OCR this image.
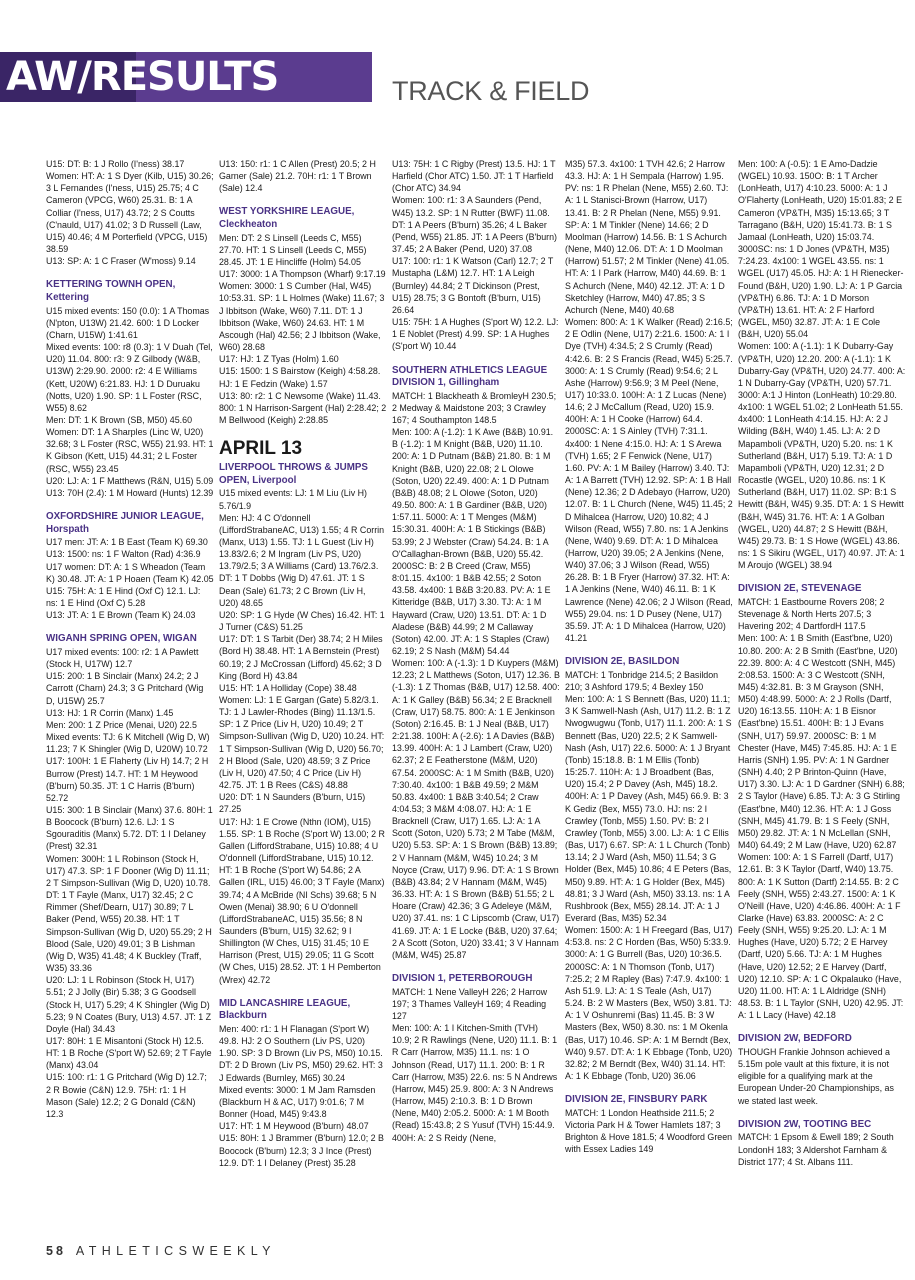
AW/RESULTS	TRACK & FIELD
U15: DT: B: 1 J Rollo (I'ness) 38.17
Women: HT: A: 1 S Dyer (Kilb, U15) 30.26; 3 L Fernandes (I'ness, U15) 25.75; 4 C Cameron (VPCG, W60) 25.31. B: 1 A Colliar (I'ness, U17) 43.72; 2 S Coutts (C'nauld, U17) 41.02; 3 D Russell (Law, U15) 40.46; 4 M Porterfield (VPCG, U15) 38.59
U13: SP: A: 1 C Fraser (W'moss) 9.14
KETTERING TOWNH OPEN,
Kettering
U15 mixed events: 150 (0.0): 1 A Thomas (N'pton, U13W) 21.42. 600: 1 D Locker (Charn, U15W) 1:41.61
Mixed events: 100: r8 (0.3): 1 V Duah (Tel, U20) 11.04. 800: r3: 9 Z Gilbody (W&B, U13W) 2:29.90. 2000: r2: 4 E Williams (Kett, U20W) 6:21.83. HJ: 1 D Duruaku (Notts, U20) 1.90. SP: 1 L Foster (RSC, W55) 8.62
Men: DT: 1 K Brown (SB, M50) 45.60
Women: DT: 1 A Sharples (Linc W, U20) 32.68; 3 L Foster (RSC, W55) 21.93. HT: 1 K Gibson (Kett, U15) 44.31; 2 L Foster (RSC, W55) 23.45
U20: LJ: A: 1 F Matthews (R&N, U15) 5.09
U13: 70H (2.4): 1 M Howard (Hunts) 12.39
OXFORDSHIRE JUNIOR LEAGUE,
Horspath
U17 men: JT: A: 1 B East (Team K) 69.30
U13: 1500: ns: 1 F Walton (Rad) 4:36.9
U17 women: DT: A: 1 S Wheadon (Team K) 30.48. JT: A: 1 P Hoaen (Team K) 42.05
U15: 75H: A: 1 E Hind (Oxf C) 12.1. LJ: ns: 1 E Hind (Oxf C) 5.28
U13: JT: A: 1 E Brown (Team K) 24.03
WIGANH SPRING OPEN, WIGAN
U17 mixed events: 100: r2: 1 A Pawlett (Stock H, U17W) 12.7
U15: 200: 1 B Sinclair (Manx) 24.2; 2 J Carrott (Charn) 24.3; 3 G Pritchard (Wig D, U15W) 25.7
U13: HJ: 1 R Corrin (Manx) 1.45
Men: 200: 1 Z Price (Menai, U20) 22.5
Mixed events: TJ: 6 K Mitchell (Wig D, W) 11.23; 7 K Shingler (Wig D, U20W) 10.72
U17: 100H: 1 E Flaherty (Liv H) 14.7; 2 H Burrow (Prest) 14.7. HT: 1 M Heywood (B'burn) 50.35. JT: 1 C Harris (B'burn) 52.72
U15: 300: 1 B Sinclair (Manx) 37.6. 80H: 1 B Boocock (B'burn) 12.6. LJ: 1 S Sgouraditis (Manx) 5.72. DT: 1 I Delaney (Prest) 32.31
Women: 300H: 1 L Robinson (Stock H, U17) 47.3. SP: 1 F Dooner (Wig D) 11.11; 2 T Simpson-Sullivan (Wig D, U20) 10.78. DT: 1 T Fayle (Manx, U17) 32.45; 2 C Rimmer (Shef/Dearn, U17) 30.89; 7 L Baker (Pend, W55) 20.38. HT: 1 T Simpson-Sullivan (Wig D, U20) 55.29; 2 H Blood (Sale, U20) 49.01; 3 B Lishman (Wig D, W35) 41.48; 4 K Buckley (Traff, W35) 33.36
U20: LJ: 1 L Robinson (Stock H, U17) 5.51; 2 J Jolly (Bir) 5.38; 3 G Goodsell (Stock H, U17) 5.29; 4 K Shingler (Wig D) 5.23; 9 N Coates (Bury, U13) 4.57. JT: 1 Z Doyle (Hal) 34.43
U17: 80H: 1 E Misantoni (Stock H) 12.5. HT: 1 B Roche (S'port W) 52.69; 2 T Fayle (Manx) 43.04
U15: 100: r1: 1 G Pritchard (Wig D) 12.7; 2 R Bowie (C&N) 12.9. 75H: r1: 1 H Mason (Sale) 12.2; 2 G Donald (C&N) 12.3
U13: 150: r1: 1 C Allen (Prest) 20.5; 2 H Garner (Sale) 21.2. 70H: r1: 1 T Brown (Sale) 12.4
WEST YORKSHIRE LEAGUE,
Cleckheaton
Men: DT: 2 S Linsell (Leeds C, M55) 27.70. HT: 1 S Linsell (Leeds C, M55) 28.45. JT: 1 E Hincliffe (Holm) 54.05
U17: 3000: 1 A Thompson (Wharf) 9:17.19
Women: 3000: 1 S Cumber (Hal, W45) 10:53.31. SP: 1 L Holmes (Wake) 11.67; 3 J Ibbitson (Wake, W60) 7.11. DT: 1 J Ibbitson (Wake, W60) 24.63. HT: 1 M Ascough (Hal) 42.56; 2 J Ibbitson (Wake, W60) 28.68
U17: HJ: 1 Z Tyas (Holm) 1.60
U15: 1500: 1 S Bairstow (Keigh) 4:58.28. HJ: 1 E Fedzin (Wake) 1.57
U13: 80: r2: 1 C Newsome (Wake) 11.43. 800: 1 N Harrison-Sargent (Hal) 2:28.42; 2 M Bellwood (Keigh) 2:28.85
APRIL 13
LIVERPOOL THROWS & JUMPS
OPEN, Liverpool
U15 mixed events: LJ: 1 M Liu (Liv H) 5.76/1.9
Men: HJ: 4 C O'donnell (LiffordStrabaneAC, U13) 1.55; 4 R Corrin (Manx, U13) 1.55. TJ: 1 L Guest (Liv H) 13.83/2.6; 2 M Ingram (Liv PS, U20) 13.79/2.5; 3 A Williams (Card) 13.76/2.3. DT: 1 T Dobbs (Wig D) 47.61. JT: 1 S Dean (Sale) 61.73; 2 C Brown (Liv H, U20) 48.65
U20: SP: 1 G Hyde (W Ches) 16.42. HT: 1 J Turner (C&S) 51.25
U17: DT: 1 S Tarbit (Der) 38.74; 2 H Miles (Bord H) 38.48. HT: 1 A Bernstein (Prest) 60.19; 2 J McCrossan (Lifford) 45.62; 3 D King (Bord H) 43.84
U15: HT: 1 A Holliday (Cope) 38.48
Women: LJ: 1 E Gargan (Gate) 5.82/3.1. TJ: 1 J Lawler-Rhodes (Bing) 11.13/1.5. SP: 1 Z Price (Liv H, U20) 10.49; 2 T Simpson-Sullivan (Wig D, U20) 10.24. HT: 1 T Simpson-Sullivan (Wig D, U20) 56.70; 2 H Blood (Sale, U20) 48.59; 3 Z Price (Liv H, U20) 47.50; 4 C Price (Liv H) 42.75. JT: 1 B Rees (C&S) 48.88
U20: DT: 1 N Saunders (B'burn, U15) 27.25
U17: HJ: 1 E Crowe (Nthn (IOM), U15) 1.55. SP: 1 B Roche (S'port W) 13.00; 2 R Gallen (LiffordStrabane, U15) 10.88; 4 U O'donnell (LiffordStrabane, U15) 10.12. HT: 1 B Roche (S'port W) 54.86; 2 A Gallen (IRL, U15) 46.00; 3 T Fayle (Manx) 39.74; 4 A McBride (NI Schs) 39.68; 5 N Owen (Menai) 38.90; 6 U O'donnell (LiffordStrabaneAC, U15) 35.56; 8 N Saunders (B'burn, U15) 32.62; 9 I Shillington (W Ches, U15) 31.45; 10 E Harrison (Prest, U15) 29.05; 11 G Scott (W Ches, U15) 28.52. JT: 1 H Pemberton (Wrex) 42.72
MID LANCASHIRE LEAGUE,
Blackburn
Men: 400: r1: 1 H Flanagan (S'port W) 49.8. HJ: 2 O Southern (Liv PS, U20) 1.90. SP: 3 D Brown (Liv PS, M50) 10.15. DT: 2 D Brown (Liv PS, M50) 29.62. HT: 3 J Edwards (Burnley, M65) 30.24
Mixed events: 3000: 1 M Jam Ramsden (Blackburn H & AC, U17) 9:01.6; 7 M Bonner (Hoad, M45) 9:43.8
U17: HT: 1 M Heywood (B'burn) 48.07
U15: 80H: 1 J Brammer (B'burn) 12.0; 2 B Boocock (B'burn) 12.3; 3 J Ince (Prest) 12.9. DT: 1 I Delaney (Prest) 35.28
U13: 75H: 1 C Rigby (Prest) 13.5. HJ: 1 T Harfield (Chor ATC) 1.50. JT: 1 T Harfield (Chor ATC) 34.94
Women: 100: r1: 3 A Saunders (Pend, W45) 13.2. SP: 1 N Rutter (BWF) 11.08. DT: 1 A Peers (B'burn) 35.26; 4 L Baker (Pend, W55) 21.85. JT: 1 A Peers (B'burn) 37.45; 2 A Baker (Pend, U20) 37.08
U17: 100: r1: 1 K Watson (Carl) 12.7; 2 T Mustapha (L&M) 12.7. HT: 1 A Leigh (Burnley) 44.84; 2 T Dickinson (Prest, U15) 28.75; 3 G Bontoft (B'burn, U15) 26.64
U15: 75H: 1 A Hughes (S'port W) 12.2. LJ: 1 E Noblet (Prest) 4.99. SP: 1 A Hughes (S'port W) 10.44
SOUTHERN ATHLETICS LEAGUE
DIVISION 1, Gillingham
MATCH: 1 Blackheath & BromleyH 230.5; 2 Medway & Maidstone 203; 3 Crawley 167; 4 Southampton 148.5
Men: 100: A (-1.2): 1 K Awe (B&B) 10.91. B (-1.2): 1 M Knight (B&B, U20) 11.10. 200: A: 1 D Putnam (B&B) 21.80. B: 1 M Knight (B&B, U20) 22.08; 2 L Olowe (Soton, U20) 22.49. 400: A: 1 D Putnam (B&B) 48.08; 2 L Olowe (Soton, U20) 49.50. 800: A: 1 B Gardiner (B&B, U20) 1:57.11. 5000: A: 1 T Menges (M&M) 15:30.31. 400H: A: 1 B Stickings (B&B) 53.99; 2 J Webster (Craw) 54.24. B: 1 A O'Callaghan-Brown (B&B, U20) 55.42. 2000SC: B: 2 B Creed (Craw, M55) 8:01.15. 4x100: 1 B&B 42.55; 2 Soton 43.58. 4x400: 1 B&B 3:20.83. PV: A: 1 E Kitteridge (B&B, U17) 3.30. TJ: A: 1 M Hayward (Craw, U20) 13.51. DT: A: 1 D Aladese (B&B) 44.99; 2 M Callaway (Soton) 42.00. JT: A: 1 S Staples (Craw) 62.19; 2 S Nash (M&M) 54.44
Women: 100: A (-1.3): 1 D Kuypers (M&M) 12.23; 2 L Matthews (Soton, U17) 12.36. B (-1.3): 1 Z Thomas (B&B, U17) 12.58. 400: A: 1 K Galley (B&B) 56.34; 2 E Bracknell (Craw, U17) 58.75. 800: A: 1 E Jenkinson (Soton) 2:16.45. B: 1 J Neal (B&B, U17) 2:21.38. 100H: A (-2.6): 1 A Davies (B&B) 13.99. 400H: A: 1 J Lambert (Craw, U20) 62.37; 2 E Featherstone (M&M, U20) 67.54. 2000SC: A: 1 M Smith (B&B, U20) 7:30.40. 4x100: 1 B&B 49.59; 2 M&M 50.83. 4x400: 1 B&B 3:40.54; 2 Craw 4:04.53; 3 M&M 4:08.07. HJ: A: 1 E Bracknell (Craw, U17) 1.65. LJ: A: 1 A Scott (Soton, U20) 5.73; 2 M Tabe (M&M, U20) 5.53. SP: A: 1 S Brown (B&B) 13.89; 2 V Hannam (M&M, W45) 10.24; 3 M Noyce (Craw, U17) 9.96. DT: A: 1 S Brown (B&B) 43.84; 2 V Hannam (M&M, W45) 36.33. HT: A: 1 S Brown (B&B) 51.55; 2 L Hoare (Craw) 42.36; 3 G Adeleye (M&M, U20) 37.41. ns: 1 C Lipscomb (Craw, U17) 41.69. JT: A: 1 E Locke (B&B, U20) 37.64; 2 A Scott (Soton, U20) 33.41; 3 V Hannam (M&M, W45) 25.87
DIVISION 1, PETERBOROUGH
MATCH: 1 Nene ValleyH 226; 2 Harrow 197; 3 Thames ValleyH 169; 4 Reading 127
Men: 100: A: 1 I Kitchen-Smith (TVH) 10.9; 2 R Rawlings (Nene, U20) 11.1. B: 1 R Carr (Harrow, M35) 11.1. ns: 1 O Johnson (Read, U17) 11.1. 200: B: 1 R Carr (Harrow, M35) 22.6. ns: 5 N Andrews (Harrow, M45) 25.9. 800: A: 3 N Andrews (Harrow, M45) 2:10.3. B: 1 D Brown (Nene, M40) 2:05.2. 5000: A: 1 M Booth (Read) 15:43.8; 2 S Yusuf (TVH) 15:44.9. 400H: A: 2 S Reidy (Nene,
M35) 57.3. 4x100: 1 TVH 42.6; 2 Harrow 43.3. HJ: A: 1 H Sempala (Harrow) 1.95. PV: ns: 1 R Phelan (Nene, M55) 2.60. TJ: A: 1 L Stanisci-Brown (Harrow, U17) 13.41. B: 2 R Phelan (Nene, M55) 9.91. SP: A: 1 M Tinkler (Nene) 14.66; 2 D Moolman (Harrow) 14.56. B: 1 S Achurch (Nene, M40) 12.06. DT: A: 1 D Moolman (Harrow) 51.57; 2 M Tinkler (Nene) 41.05. HT: A: 1 I Park (Harrow, M40) 44.69. B: 1 S Achurch (Nene, M40) 42.12. JT: A: 1 D Sketchley (Harrow, M40) 47.85; 3 S Achurch (Nene, M40) 40.68
Women: 800: A: 1 K Walker (Read) 2:16.5; 2 E Odlin (Nene, U17) 2:21.6. 1500: A: 1 I Dye (TVH) 4:34.5; 2 S Crumly (Read) 4:42.6. B: 2 S Francis (Read, W45) 5:25.7. 3000: A: 1 S Crumly (Read) 9:54.6; 2 L Ashe (Harrow) 9:56.9; 3 M Peel (Nene, U17) 10:33.0. 100H: A: 1 Z Lucas (Nene) 14.6; 2 J McCallum (Read, U20) 15.9. 400H: A: 1 H Cooke (Harrow) 64.4. 2000SC: A: 1 S Ainley (TVH) 7:31.1. 4x400: 1 Nene 4:15.0. HJ: A: 1 S Arewa (TVH) 1.65; 2 F Fenwick (Nene, U17) 1.60. PV: A: 1 M Bailey (Harrow) 3.40. TJ: A: 1 A Barrett (TVH) 12.92. SP: A: 1 B Hall (Nene) 12.36; 2 D Adebayo (Harrow, U20) 12.07. B: 1 L Church (Nene, W45) 11.45; 2 D Mihalcea (Harrow, U20) 10.82; 4 J Wilson (Read, W55) 7.80. ns: 1 A Jenkins (Nene, W40) 9.69. DT: A: 1 D Mihalcea (Harrow, U20) 39.05; 2 A Jenkins (Nene, W40) 37.06; 3 J Wilson (Read, W55) 26.28. B: 1 B Fryer (Harrow) 37.32. HT: A: 1 A Jenkins (Nene, W40) 46.11. B: 1 K Lawrence (Nene) 42.06; 2 J Wilson (Read, W55) 29.04. ns: 1 D Pusey (Nene, U17) 35.59. JT: A: 1 D Mihalcea (Harrow, U20) 41.21
DIVISION 2E, BASILDON
MATCH: 1 Tonbridge 214.5; 2 Basildon 210; 3 Ashford 179.5; 4 Bexley 150
Men: 100: A: 1 S Bennett (Bas, U20) 11.1; 3 K Samwell-Nash (Ash, U17) 11.2. B: 1 Z Nwogwugwu (Tonb, U17) 11.1. 200: A: 1 S Bennett (Bas, U20) 22.5; 2 K Samwell-Nash (Ash, U17) 22.6. 5000: A: 1 J Bryant (Tonb) 15:18.8. B: 1 M Ellis (Tonb) 15:25.7. 110H: A: 1 J Broadbent (Bas, U20) 15.4; 2 P Davey (Ash, M45) 18.2. 400H: A: 1 P Davey (Ash, M45) 66.9. B: 3 K Gediz (Bex, M55) 73.0. HJ: ns: 2 I Crawley (Tonb, M55) 1.50. PV: B: 2 I Crawley (Tonb, M55) 3.00. LJ: A: 1 C Ellis (Bas, U17) 6.67. SP: A: 1 L Church (Tonb) 13.14; 2 J Ward (Ash, M50) 11.54; 3 G Holder (Bex, M45) 10.86; 4 E Peters (Bas, M50) 9.89. HT: A: 1 G Holder (Bex, M45) 48.81; 3 J Ward (Ash, M50) 33.13. ns: 1 A Rushbrook (Bex, M55) 28.14. JT: A: 1 J Everard (Bas, M35) 52.34
Women: 1500: A: 1 H Freegard (Bas, U17) 4:53.8. ns: 2 C Horden (Bas, W50) 5:33.9. 3000: A: 1 G Burrell (Bas, U20) 10:36.5. 2000SC: A: 1 N Thomson (Tonb, U17) 7:25.2; 2 M Rapley (Bas) 7:47.9. 4x100: 1 Ash 51.9. LJ: A: 1 S Teale (Ash, U17) 5.24. B: 2 W Masters (Bex, W50) 3.81. TJ: A: 1 V Oshunremi (Bas) 11.45. B: 3 W Masters (Bex, W50) 8.30. ns: 1 M Okenla (Bas, U17) 10.46. SP: A: 1 M Berndt (Bex, W40) 9.57. DT: A: 1 K Ebbage (Tonb, U20) 32.82; 2 M Berndt (Bex, W40) 31.14. HT: A: 1 K Ebbage (Tonb, U20) 36.06
DIVISION 2E, FINSBURY PARK
MATCH: 1 London Heathside 211.5; 2 Victoria Park H & Tower Hamlets 187; 3 Brighton & Hove 181.5; 4 Woodford Green with Essex Ladies 149
Men: 100: A (-0.5): 1 E Amo-Dadzie (WGEL) 10.93. 150O: B: 1 T Archer (LonHeath, U17) 4:10.23. 5000: A: 1 J O'Flaherty (LonHeath, U20) 15:01.83; 2 E Cameron (VP&TH, M35) 15:13.65; 3 T Tarragano (B&H, U20) 15:41.73. B: 1 S Jamaal (LonHeath, U20) 15:03.74. 3000SC: ns: 1 D Jones (VP&TH, M35) 7:24.23. 4x100: 1 WGEL 43.55. ns: 1 WGEL (U17) 45.05. HJ: A: 1 H Rienecker-Found (B&H, U20) 1.90. LJ: A: 1 P Garcia (VP&TH) 6.86. TJ: A: 1 D Morson (VP&TH) 13.61. HT: A: 2 F Harford (WGEL, M50) 32.87. JT: A: 1 E Cole (B&H, U20) 55.04
Women: 100: A (-1.1): 1 K Dubarry-Gay (VP&TH, U20) 12.20. 200: A (-1.1): 1 K Dubarry-Gay (VP&TH, U20) 24.77. 400: A: 1 N Dubarry-Gay (VP&TH, U20) 57.71. 3000: A:1 J Hinton (LonHeath) 10:29.80. 4x100: 1 WGEL 51.02; 2 LonHeath 51.55. 4x400: 1 LonHeath 4:14.15. HJ: A: 2 J Wilding (B&H, W40) 1.45. LJ: A: 2 D Mapamboli (VP&TH, U20) 5.20. ns: 1 K Sutherland (B&H, U17) 5.19. TJ: A: 1 D Mapamboli (VP&TH, U20) 12.31; 2 D Rocastle (WGEL, U20) 10.86. ns: 1 K Sutherland (B&H, U17) 11.02. SP: B:1 S Hewitt (B&H, W45) 9.35. DT: A: 1 S Hewitt (B&H, W45) 31.76. HT: A: 1 A Golban (WGEL, U20) 44.87; 2 S Hewitt (B&H, W45) 29.73. B: 1 S Howe (WGEL) 43.86. ns: 1 S Sikiru (WGEL, U17) 40.97. JT: A: 1 M Aroujo (WGEL) 38.94
DIVISION 2E, STEVENAGE
MATCH: 1 Eastbourne Rovers 208; 2 Stevenage & North Herts 207.5; 3 Havering 202; 4 DartfordH 117.5
Men: 100: A: 1 B Smith (East'bne, U20) 10.80. 200: A: 2 B Smith (East'bne, U20) 22.39. 800: A: 4 C Westcott (SNH, M45) 2:08.53. 1500: A: 3 C Westcott (SNH, M45) 4:32.81. B: 3 M Grayson (SNH, M50) 4:48.99. 5000: A: 2 J Rolls (Dartf, U20) 16:13.55. 110H: A: 1 B Eisnor (East'bne) 15.51. 400H: B: 1 J Evans (SNH, U17) 59.97. 2000SC: B: 1 M Chester (Have, M45) 7:45.85. HJ: A: 1 E Harris (SNH) 1.95. PV: A: 1 N Gardner (SNH) 4.40; 2 P Brinton-Quinn (Have, U17) 3.30. LJ: A: 1 D Gardner (SNH) 6.88; 2 S Taylor (Have) 6.85. TJ: A: 3 G Stirling (East'bne, M40) 12.36. HT: A: 1 J Goss (SNH, M45) 41.79. B: 1 S Feely (SNH, M50) 29.82. JT: A: 1 N McLellan (SNH, M40) 64.49; 2 M Law (Have, U20) 62.87
Women: 100: A: 1 S Farrell (Dartf, U17) 12.61. B: 3 K Taylor (Dartf, W40) 13.75. 800: A: 1 K Sutton (Dartf) 2:14.55. B: 2 C Feely (SNH, W55) 2:43.27. 1500: A: 1 K O'Neill (Have, U20) 4:46.86. 400H: A: 1 F Clarke (Have) 63.83. 2000SC: A: 2 C Feely (SNH, W55) 9:25.20. LJ: A: 1 M Hughes (Have, U20) 5.72; 2 E Harvey (Dartf, U20) 5.66. TJ: A: 1 M Hughes (Have, U20) 12.52; 2 E Harvey (Dartf, U20) 12.10. SP: A: 1 C Okpalauko (Have, U20) 11.00. HT: A: 1 L Aldridge (SNH) 48.53. B: 1 L Taylor (SNH, U20) 42.95. JT: A: 1 L Lacy (Have) 42.18
DIVISION 2W, BEDFORD
THOUGH Frankie Johnson achieved a 5.15m pole vault at this fixture, it is not eligible for a qualifying mark at the European Under-20 Championships, as we stated last week.
DIVISION 2W, TOOTING BEC
MATCH: 1 Epsom & Ewell 189; 2 South LondonH 183; 3 Aldershot Farnham & District 177; 4 St. Albans 111.
58 ATHLETICSWEEKLY
